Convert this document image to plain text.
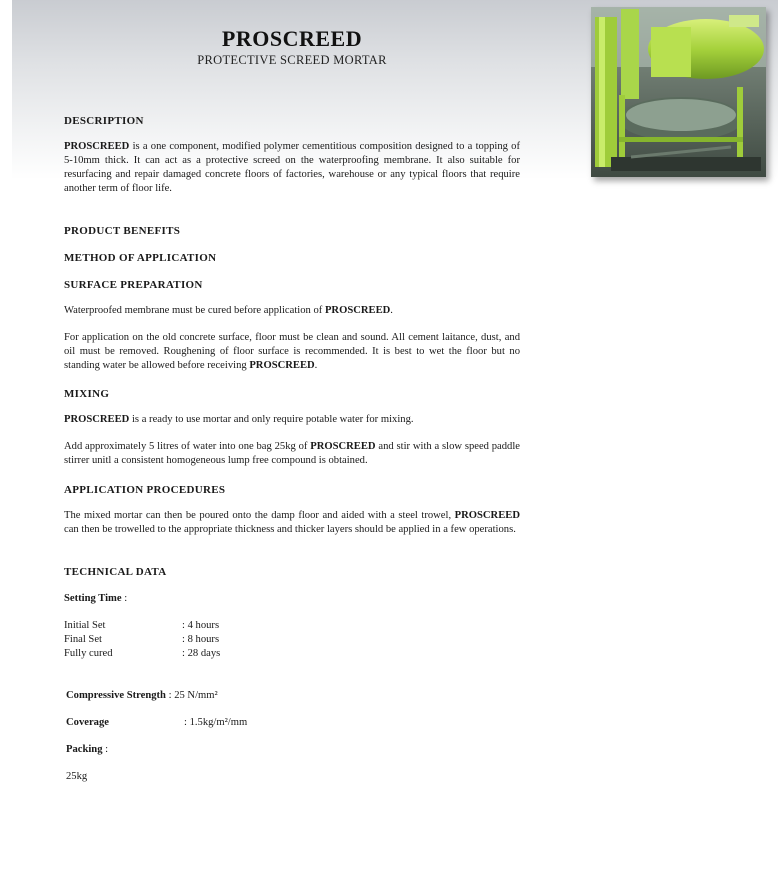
PROSCREED
PROTECTIVE SCREED MORTAR

DESCRIPTION

PROSCREED is a one component, modified polymer cementitious composition designed to a topping of 5-10mm thick. It can act as a protective screed on the waterproofing membrane. It also suitable for resurfacing and repair damaged concrete floors of factories, warehouse or any typical floors that require another term of floor life.

PRODUCT BENEFITS

METHOD OF APPLICATION

SURFACE PREPARATION

Waterproofed membrane must be cured before application of PROSCREED.

For application on the old concrete surface, floor must be clean and sound. All cement laitance, dust, and oil must be removed. Roughening of floor surface is recommended. It is best to wet the floor but no standing water be allowed before receiving PROSCREED.

MIXING

PROSCREED is a ready to use mortar and only require potable water for mixing.

Add approximately 5 litres of water into one bag 25kg of PROSCREED and stir with a slow speed paddle stirrer unitl a consistent homogeneous lump free compound is obtained.

APPLICATION PROCEDURES

The mixed mortar can then be poured onto the damp floor and aided with a steel trowel, PROSCREED can then be trowelled to the appropriate thickness and thicker layers should be applied in a few operations.

TECHNICAL DATA

Setting Time :

Initial Set	: 4 hours
Final Set	: 8 hours
Fully cured	: 28 days

Compressive Strength : 25 N/mm²

Coverage	: 1.5kg/m²/mm

Packing :

25kg
